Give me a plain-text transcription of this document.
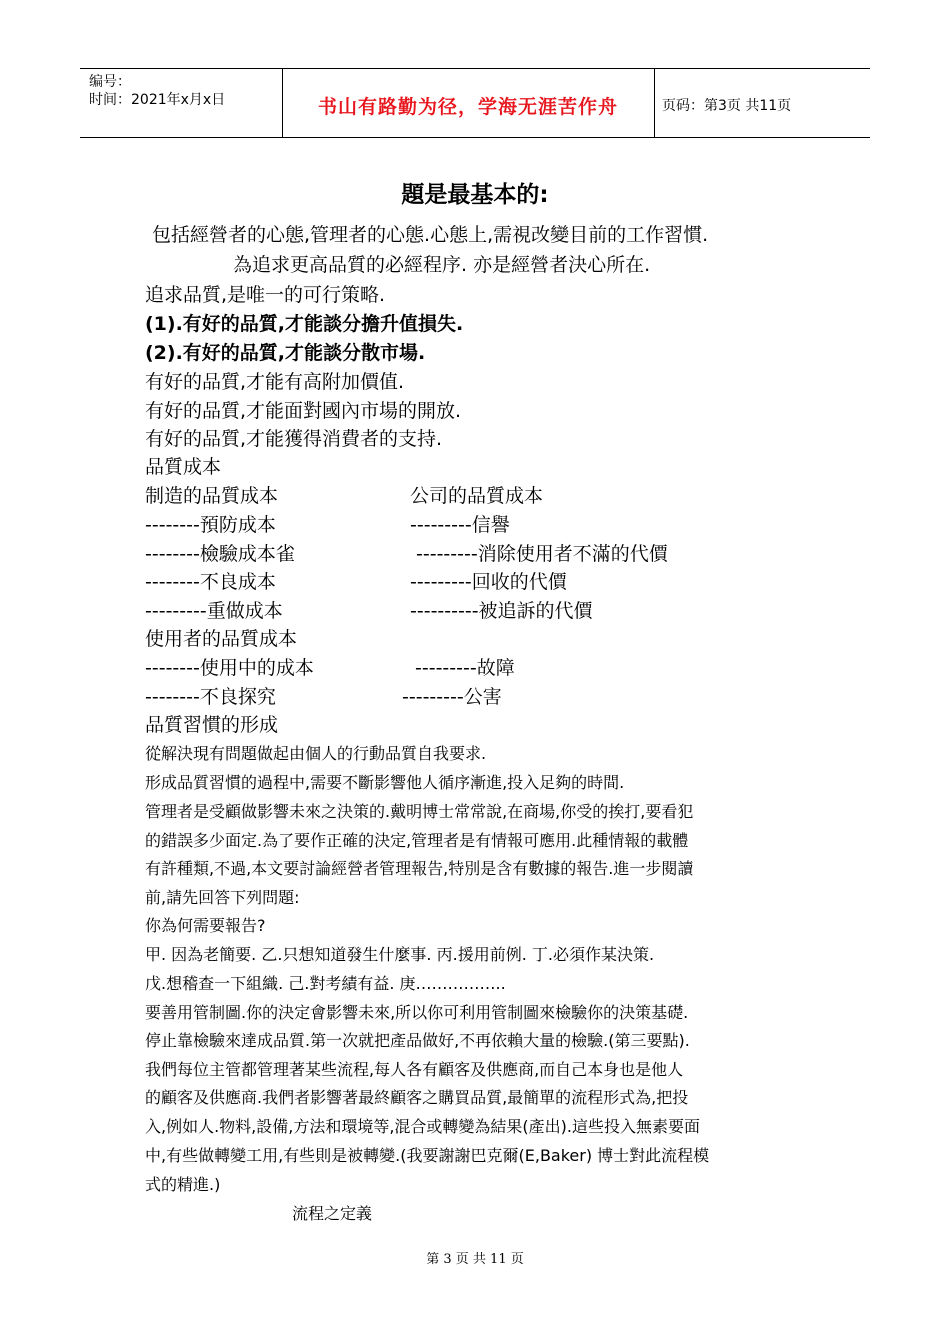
编号：
时间：2021年x月x日	书山有路勤为径，学海无涯苦作舟	页码：第3页 共11页
題是最基本的:
包括經營者的心態,管理者的心態.心態上,需視改變目前的工作習慣.
為追求更高品質的必經程序. 亦是經營者決心所在.
追求品質,是唯一的可行策略.
(1).有好的品質,才能談分擔升值損失.
(2).有好的品質,才能談分散市場.
有好的品質,才能有高附加價值.
有好的品質,才能面對國內市場的開放.
有好的品質,才能獲得消費者的支持.
品質成本
制造的品質成本	公司的品質成本
--------預防成本	---------信譽
--------檢驗成本雀	---------消除使用者不滿的代價
--------不良成本	---------回收的代價
---------重做成本	----------被追訴的代價
使用者的品質成本
--------使用中的成本	---------故障
--------不良探究	---------公害
品質習慣的形成
從解決現有問題做起由個人的行動品質自我要求.
形成品質習慣的過程中,需要不斷影響他人循序漸進,投入足夠的時間.
管理者是受顧做影響未來之決策的.戴明博士常常說,在商場,你受的挨打,要看犯
的錯誤多少面定.為了要作正確的決定,管理者是有情報可應用.此種情報的載體
有許種類,不過,本文要討論經營者管理報告,特別是含有數據的報告.進一步閱讀
前,請先回答下列問題:
你為何需要報告?
甲. 因為老簡要. 乙.只想知道發生什麼事. 丙.援用前例. 丁.必須作某決策.
戊.想稽查一下組織. 己.對考績有益. 庚……………..
要善用管制圖.你的決定會影響未來,所以你可利用管制圖來檢驗你的決策基礎.
停止靠檢驗來達成品質.第一次就把產品做好,不再依賴大量的檢驗.(第三要點).
我們每位主管都管理著某些流程,每人各有顧客及供應商,而自己本身也是他人
的顧客及供應商.我們者影響著最終顧客之購買品質,最簡單的流程形式為,把投
入,例如人.物料,設備,方法和環境等,混合或轉變為結果(產出).這些投入無素要面
中,有些做轉變工用,有些則是被轉變.(我要謝謝巴克爾(E,Baker) 博士對此流程模
式的精進.)
流程之定義
第 3 页 共 11 页
